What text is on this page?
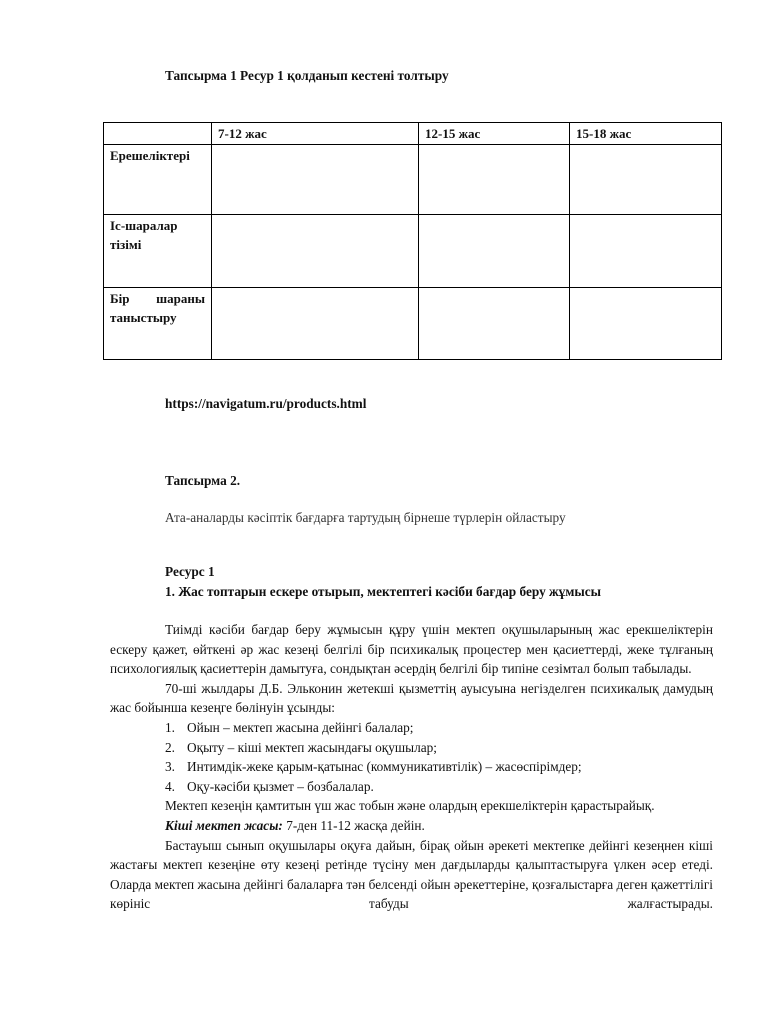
Тапсырма 1 Ресур 1 қолданып кестені толтыру
	7-12 жас	12-15 жас	15-18 жас
Ерешеліктері			
Іс-шаралар тізімі			
Бір шараны таныстыру			
https://navigatum.ru/products.html
Тапсырма 2.
Ата-аналарды кәсіптік бағдарға тартудың бірнеше түрлерін ойластыру
Ресурс 1
1. Жас топтарын ескере отырып, мектептегі кәсіби бағдар беру жұмысы

Тиімді кәсіби бағдар беру жұмысын құру үшін мектеп оқушыларының жас ерекшеліктерін ескеру қажет, өйткені әр жас кезеңі белгілі бір психикалық процестер мен қасиеттерді, жеке тұлғаның психологиялық қасиеттерін дамытуға, сондықтан әсердің белгілі бір типіне сезімтал болып табылады.

70-ші жылдары Д.Б. Эльконин жетекші қызметтің ауысуына негізделген психикалық дамудың жас бойынша кезеңге бөлінуін ұсынды:

1. Ойын – мектеп жасына дейінгі балалар;
2. Оқыту – кіші мектеп жасындағы оқушылар;
3. Интимдік-жеке қарым-қатынас (коммуникативтілік) – жасөспірімдер;
4. Оқу-кәсіби қызмет – бозбалалар.

Мектеп кезеңін қамтитын үш жас тобын және олардың ерекшеліктерін қарастырайық.

Кіші мектеп жасы: 7-ден 11-12 жасқа дейін.

Бастауыш сынып оқушылары оқуға дайын, бірақ ойын әрекеті мектепке дейінгі кезеңнен кіші жастағы мектеп кезеңіне өту кезеңі ретінде түсіну мен дағдыларды қалыптастыруға үлкен әсер етеді. Оларда мектеп жасына дейінгі балаларға тән белсенді ойын әрекеттеріне, қозғалыстарға деген қажеттілігі көрініс табуды жалғастырады.
